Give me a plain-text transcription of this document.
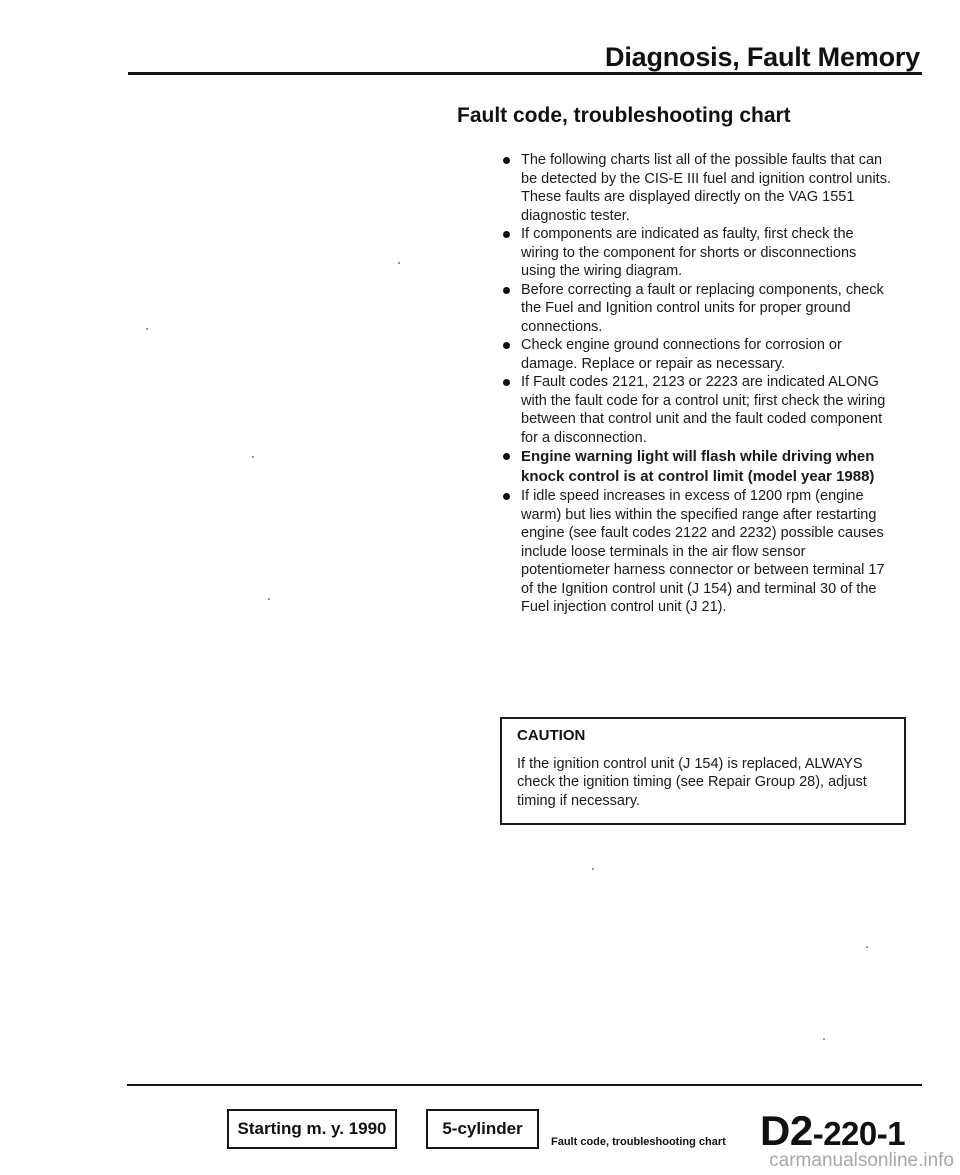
Diagnosis, Fault Memory
Fault code, troubleshooting chart
The following charts list all of the possible faults that can be detected by the CIS-E III fuel and ignition control units. These faults are displayed directly on the VAG 1551 diagnostic tester.
If components are indicated as faulty, first check the wiring to the component for shorts or disconnections using the wiring diagram.
Before correcting a fault or replacing components, check the Fuel and Ignition control units for proper ground connections.
Check engine ground connections for corrosion or damage. Replace or repair as necessary.
If Fault codes 2121, 2123 or 2223 are indicated ALONG with the fault code for a control unit; first check the wiring between that control unit and the fault coded component for a disconnection.
Engine warning light will flash while driving when knock control is at control limit (model year 1988)
If idle speed increases in excess of 1200 rpm (engine warm) but lies within the specified range after restarting engine (see fault codes 2122 and 2232) possible causes include loose terminals in the air flow sensor potentiometer harness connector or between terminal 17 of the Ignition control unit (J 154) and terminal 30 of the Fuel injection control unit (J 21).

CAUTION

If the ignition control unit (J 154) is replaced, ALWAYS check the ignition timing (see Repair Group 28), adjust timing if necessary.

Starting m. y. 1990	5-cylinder
Fault code, troubleshooting chart D2-220-1
carmanualsonline.info
